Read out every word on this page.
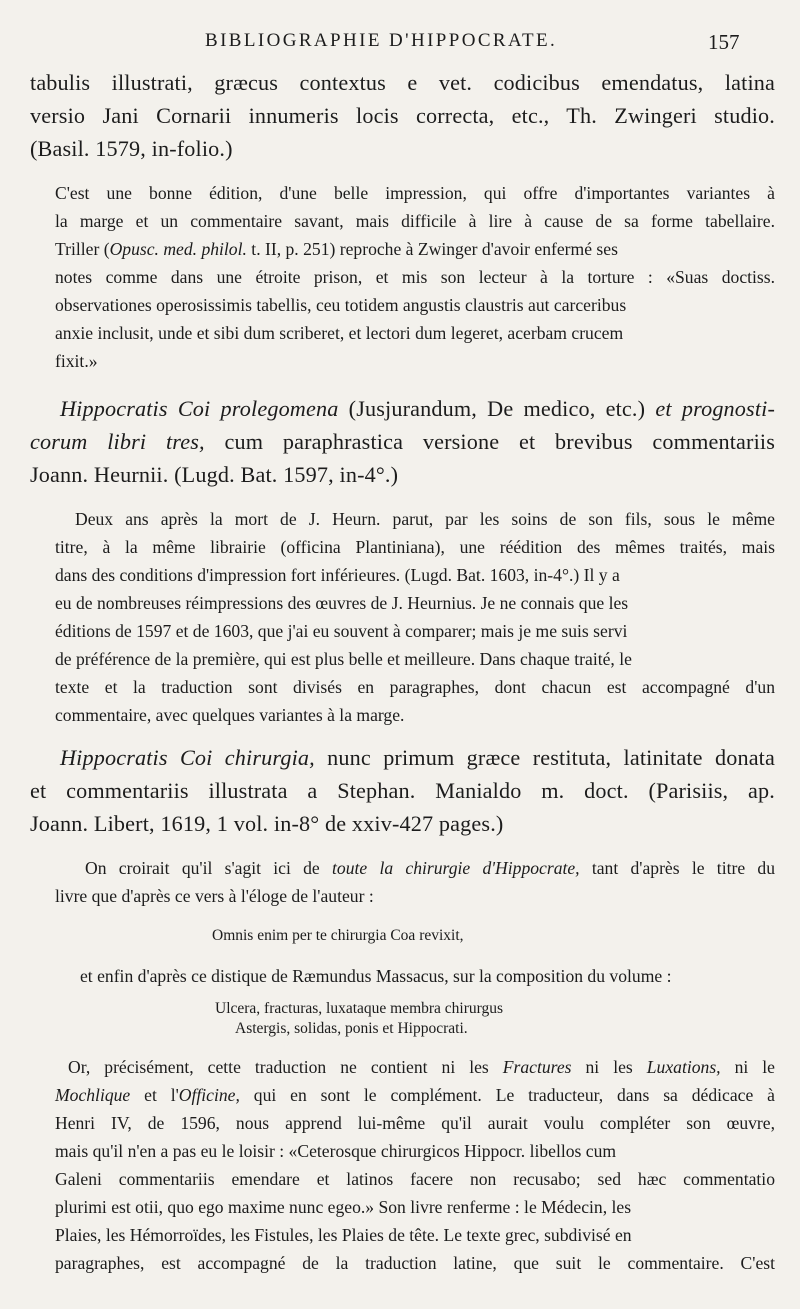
BIBLIOGRAPHIE D'HIPPOCRATE.	157
tabulis illustrati, græcus contextus e vet. codicibus emendatus, latina
versio Jani Cornarii innumeris locis correcta, etc., Th. Zwingeri studio.
(Basil. 1579, in-folio.)
C'est une bonne édition, d'une belle impression, qui offre d'importantes variantes à
la marge et un commentaire savant, mais difficile à lire à cause de sa forme tabellaire.
Triller (Opusc. med. philol. t. II, p. 251) reproche à Zwinger d'avoir enfermé ses
notes comme dans une étroite prison, et mis son lecteur à la torture : «Suas doctiss.
observationes operosissimis tabellis, ceu totidem angustis claustris aut carceribus
anxie inclusit, unde et sibi dum scriberet, et lectori dum legeret, acerbam crucem
fixit.»
Hippocratis Coi prolegomena (Jusjurandum, De medico, etc.) et prognosti-
corum libri tres, cum paraphrastica versione et brevibus commentariis
Joann. Heurnii. (Lugd. Bat. 1597, in-4°.)
Deux ans après la mort de J. Heurn. parut, par les soins de son fils, sous le même
titre, à la même librairie (officina Plantiniana), une réédition des mêmes traités, mais
dans des conditions d'impression fort inférieures. (Lugd. Bat. 1603, in-4°.) Il y a
eu de nombreuses réimpressions des œuvres de J. Heurnius. Je ne connais que les
éditions de 1597 et de 1603, que j'ai eu souvent à comparer; mais je me suis servi
de préférence de la première, qui est plus belle et meilleure. Dans chaque traité, le
texte et la traduction sont divisés en paragraphes, dont chacun est accompagné d'un
commentaire, avec quelques variantes à la marge.
Hippocratis Coi chirurgia, nunc primum græce restituta, latinitate donata
et commentariis illustrata a Stephan. Manialdo m. doct. (Parisiis, ap.
Joann. Libert, 1619, 1 vol. in-8° de xxiv-427 pages.)
On croirait qu'il s'agit ici de toute la chirurgie d'Hippocrate, tant d'après le titre du
livre que d'après ce vers à l'éloge de l'auteur :
Omnis enim per te chirurgia Coa revixit,
et enfin d'après ce distique de Ræmundus Massacus, sur la composition du volume :
Ulcera, fracturas, luxataque membra chirurgus
Astergis, solidas, ponis et Hippocrati.
Or, précisément, cette traduction ne contient ni les Fractures ni les Luxations, ni le
Mochlique et l'Officine, qui en sont le complément. Le traducteur, dans sa dédicace à
Henri IV, de 1596, nous apprend lui-même qu'il aurait voulu compléter son œuvre,
mais qu'il n'en a pas eu le loisir : «Ceterosque chirurgicos Hippocr. libellos cum
Galeni commentariis emendare et latinos facere non recusabo; sed hæc commentatio
plurimi est otii, quo ego maxime nunc egeo.» Son livre renferme : le Médecin, les
Plaies, les Hémorroïdes, les Fistules, les Plaies de tête. Le texte grec, subdivisé en
paragraphes, est accompagné de la traduction latine, que suit le commentaire. C'est
